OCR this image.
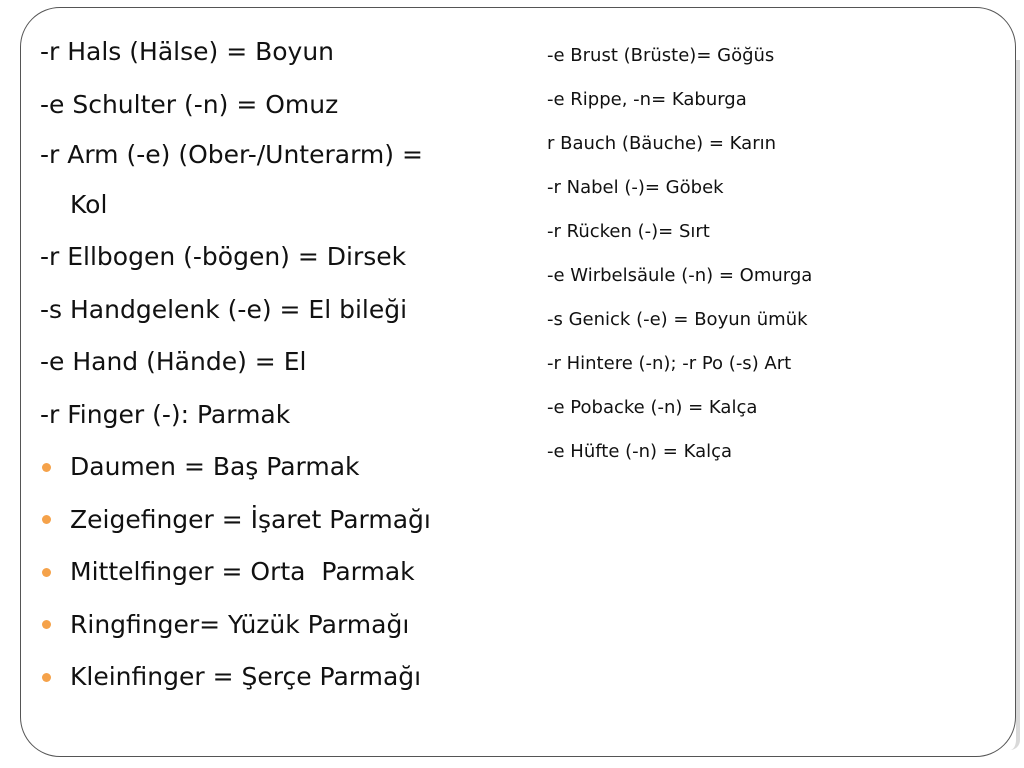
-r Hals (Hälse) = Boyun
-e Schulter (-n) = Omuz
-r Arm (-e) (Ober-/Unterarm) =
Kol
-r Ellbogen (-bögen) = Dirsek
-s Handgelenk (-e) = El bileği
-e Hand (Hände) = El
-r Finger (-): Parmak
Daumen = Baş Parmak
Zeigefinger = İşaret Parmağı
Mittelfinger = Orta  Parmak
Ringfinger= Yüzük Parmağı
Kleinfinger = Şerçe Parmağı
-e Brust (Brüste)= Göğüs
-e Rippe, -n= Kaburga
r Bauch (Bäuche) = Karın
-r Nabel (-)= Göbek
-r Rücken (-)= Sırt
-e Wirbelsäule (-n) = Omurga
-s Genick (-e) = Boyun ümük
-r Hintere (-n); -r Po (-s) Art
-e Pobacke (-n) = Kalça
-e Hüfte (-n) = Kalça
